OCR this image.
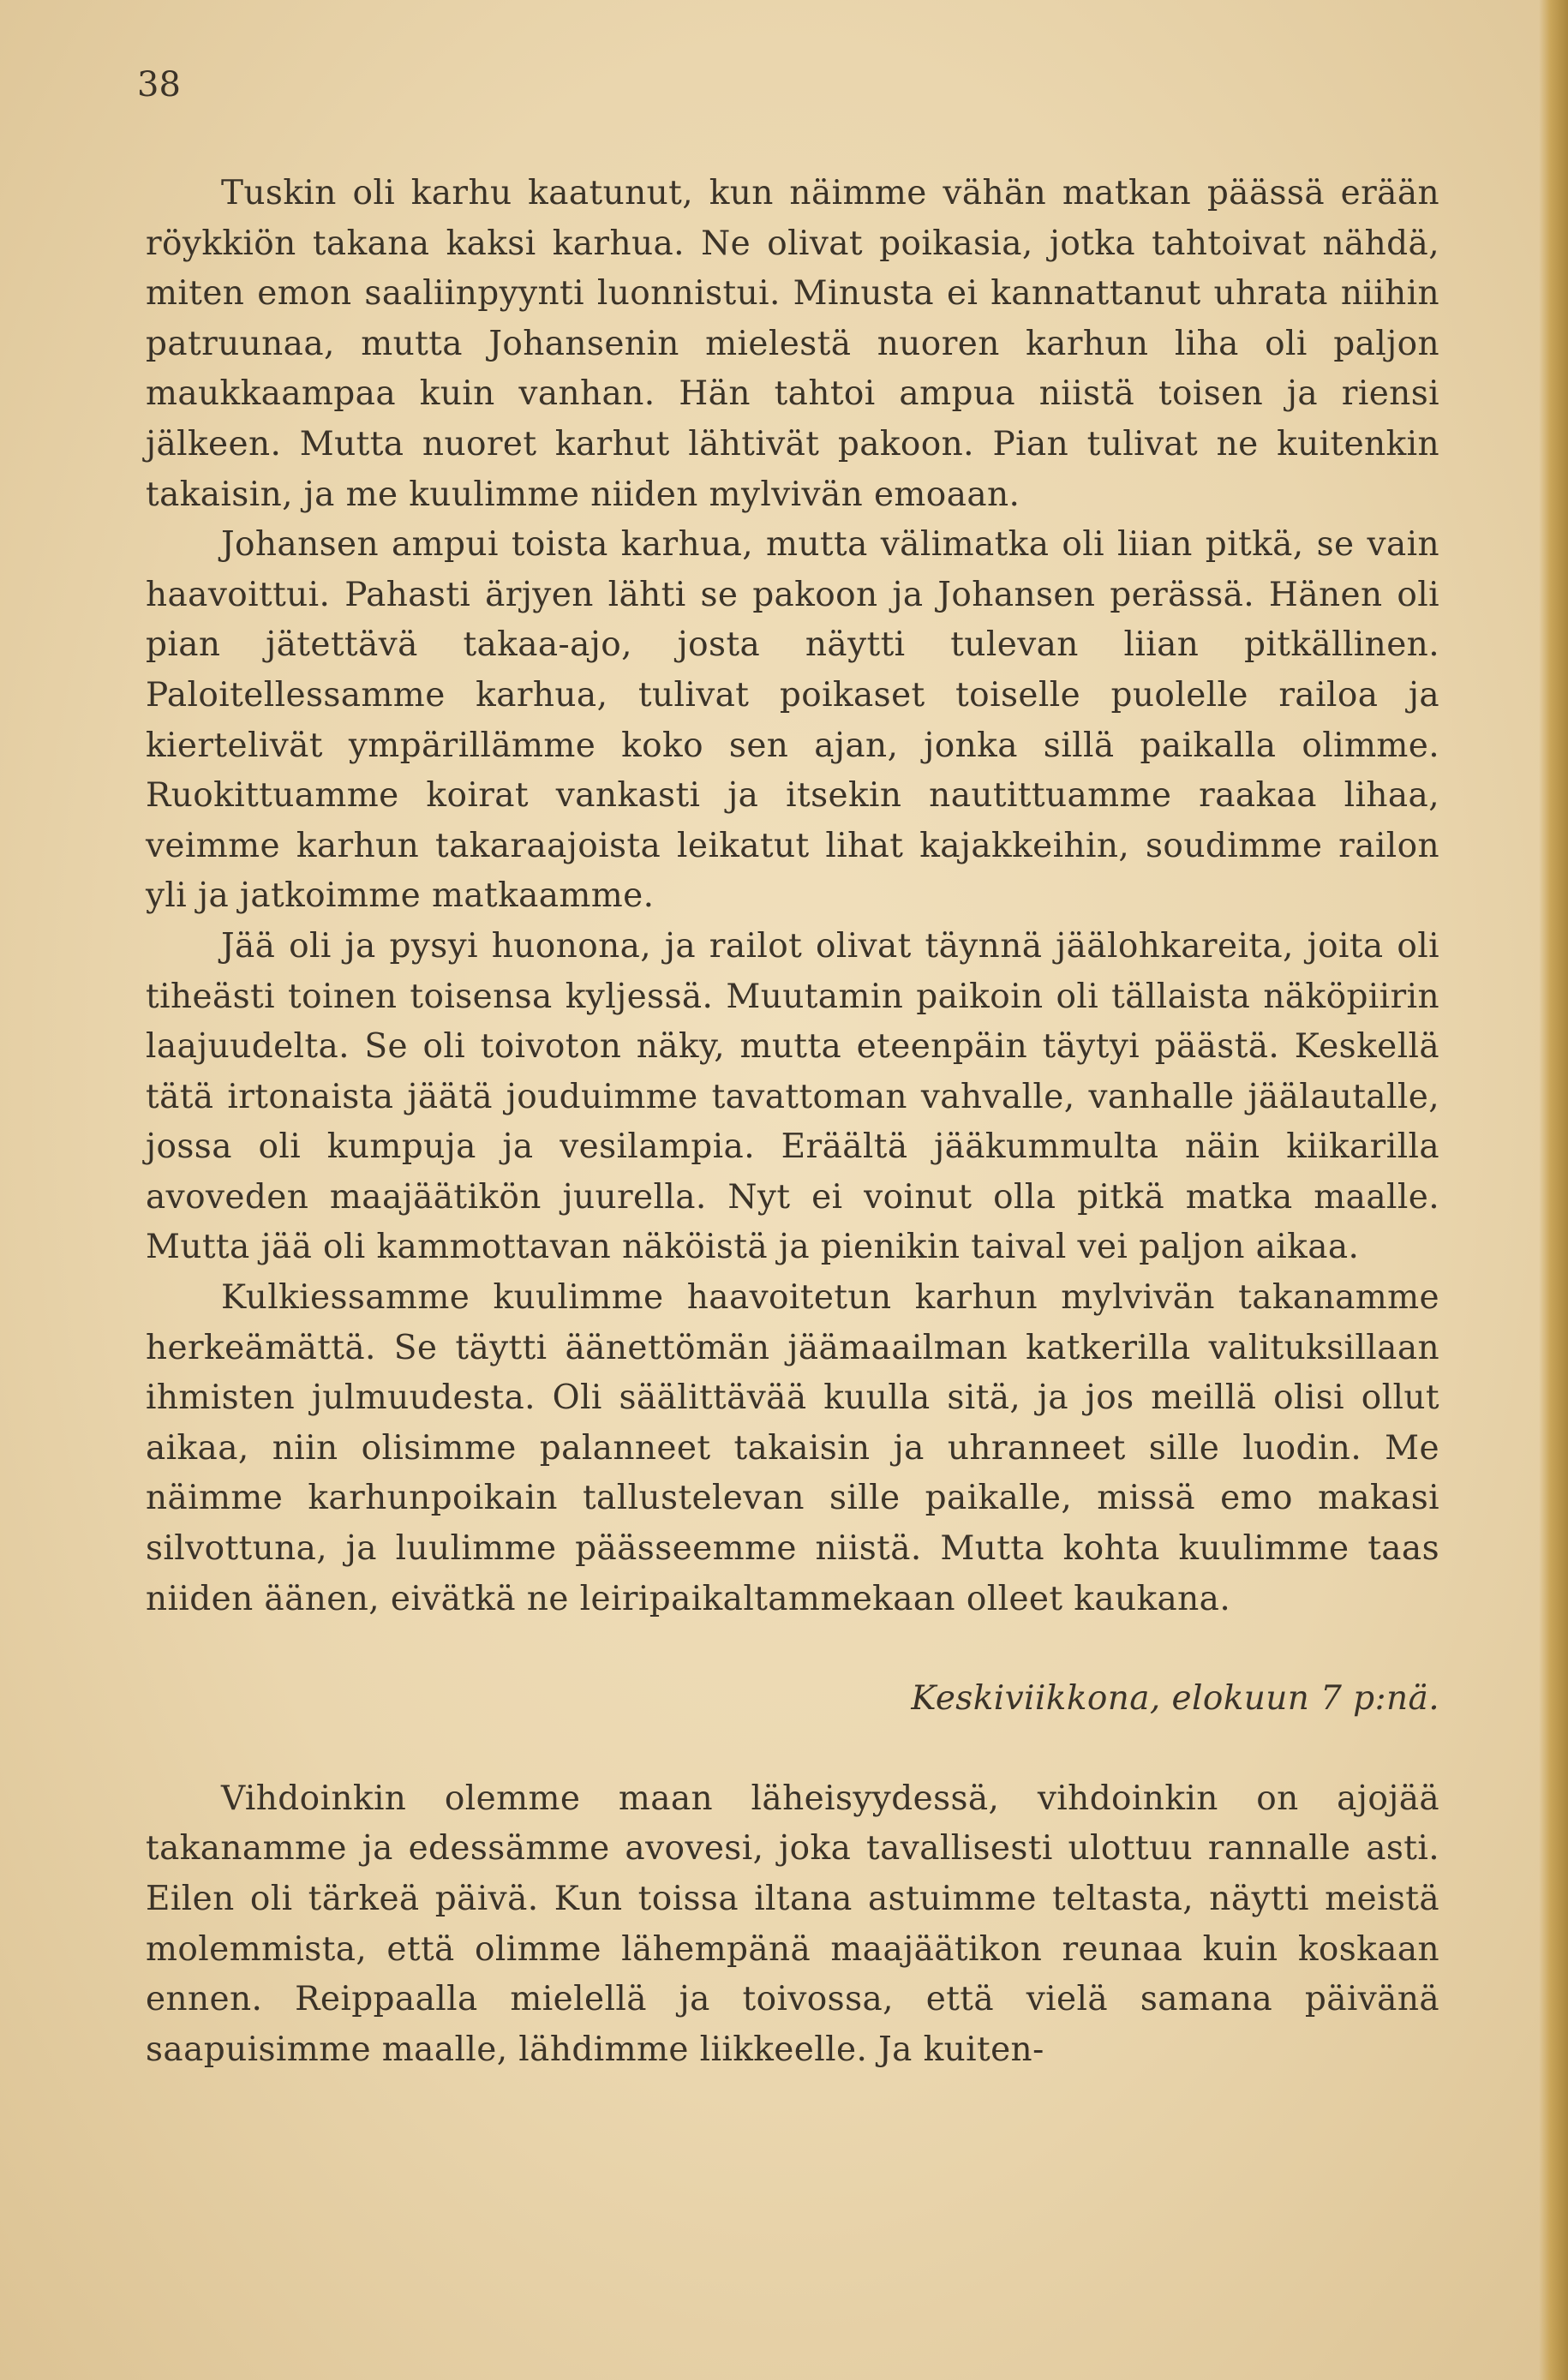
38

Tuskin oli karhu kaatunut, kun näimme vähän matkan päässä erään röykkiön takana kaksi karhua. Ne olivat poikasia, jotka tahtoivat nähdä, miten emon saaliinpyynti luonnistui. Minusta ei kannattanut uhrata niihin patruunaa, mutta Johansenin mielestä nuoren karhun liha oli paljon maukkaampaa kuin vanhan. Hän tahtoi ampua niistä toisen ja riensi jälkeen. Mutta nuoret karhut lähtivät pakoon. Pian tulivat ne kuitenkin takaisin, ja me kuulimme niiden mylvivän emoaan.

Johansen ampui toista karhua, mutta välimatka oli liian pitkä, se vain haavoittui. Pahasti ärjyen lähti se pakoon ja Johansen perässä. Hänen oli pian jätettävä takaa-ajo, josta näytti tulevan liian pitkällinen. Paloitellessamme karhua, tulivat poikaset toiselle puolelle railoa ja kiertelivät ympärillämme koko sen ajan, jonka sillä paikalla olimme. Ruokittuamme koirat vankasti ja itsekin nautittuamme raakaa lihaa, veimme karhun takaraajoista leikatut lihat kajakkeihin, soudimme railon yli ja jatkoimme matkaamme.

Jää oli ja pysyi huonona, ja railot olivat täynnä jäälohkareita, joita oli tiheästi toinen toisensa kyljessä. Muutamin paikoin oli tällaista näköpiirin laajuudelta. Se oli toivoton näky, mutta eteenpäin täytyi päästä. Keskellä tätä irtonaista jäätä jouduimme tavattoman vahvalle, vanhalle jäälautalle, jossa oli kumpuja ja vesilampia. Eräältä jääkummulta näin kiikarilla avoveden maajäätikön juurella. Nyt ei voinut olla pitkä matka maalle. Mutta jää oli kammottavan näköistä ja pienikin taival vei paljon aikaa.

Kulkiessamme kuulimme haavoitetun karhun mylvivän takanamme herkeämättä. Se täytti äänettömän jäämaailman katkerilla valituksillaan ihmisten julmuudesta. Oli säälittävää kuulla sitä, ja jos meillä olisi ollut aikaa, niin olisimme palanneet takaisin ja uhranneet sille luodin. Me näimme karhunpoikain tallustelevan sille paikalle, missä emo makasi silvottuna, ja luulimme päässeemme niistä. Mutta kohta kuulimme taas niiden äänen, eivätkä ne leiripaikaltammekaan olleet kaukana.

Keskiviikkona, elokuun 7 p:nä.

Vihdoinkin olemme maan läheisyydessä, vihdoinkin on ajojää takanamme ja edessämme avovesi, joka tavallisesti ulottuu rannalle asti. Eilen oli tärkeä päivä. Kun toissa iltana astuimme teltasta, näytti meistä molemmista, että olimme lähempänä maajäätikon reunaa kuin koskaan ennen. Reippaalla mielellä ja toivossa, että vielä samana päivänä saapuisimme maalle, lähdimme liikkeelle. Ja kuiten-
